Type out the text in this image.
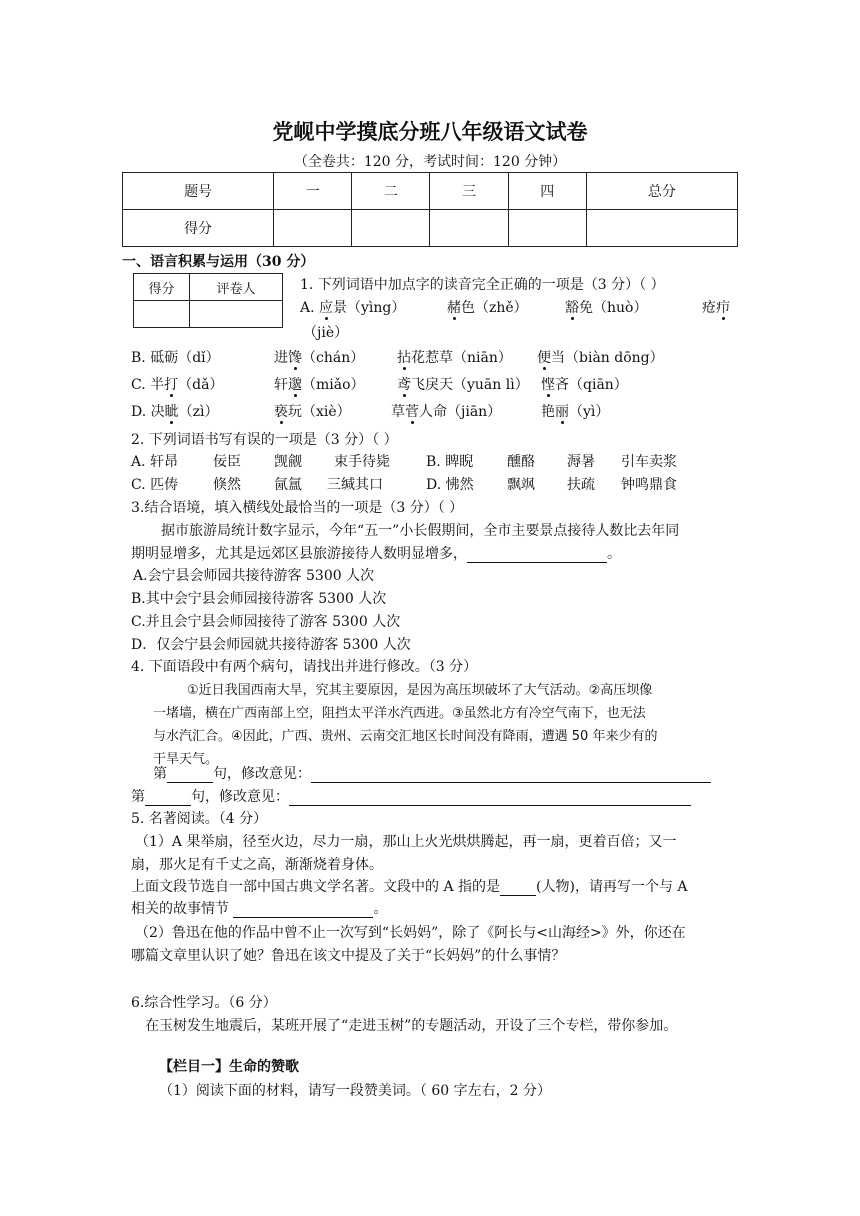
党岘中学摸底分班八年级语文试卷
（全卷共：120 分，考试时间：120 分钟）
题号	一	二	三	四	总分
得分					
一、语言积累与运用（30 分）
得分	评卷人
		1. 下列词语中加点字的读音完全正确的一项是（3 分）（ ）
A. 应景（yìng）	赭色（zhě）	豁免（huò）	疮疖
（jiè）
B. 砥砺（dǐ）	进馋（chán） 拈花惹草（niān） 便当（biàn dōng）
C. 半打（dǎ）	轩邈（miǎo） 鸢飞戾天（yuān lì） 悭吝（qiān）
D. 决眦（zì）	亵玩（xiè）	草菅人命（jiān）	艳丽（yì）
2. 下列词语书写有误的一项是（3 分）（ ）
A. 轩昂 佞臣 觊觎 束手待毙	B. 睥睨 醺酪 溽暑 引车卖浆
C. 匹俦 倏然 氤氲 三缄其口	D. 怫然 飘飒 扶疏 钟鸣鼎食
3.结合语境，填入横线处最恰当的一项是（3 分）（ ）
据市旅游局统计数字显示，今年“五一”小长假期间，全市主要景点接待人数比去年同
期明显增多，尤其是远郊区县旅游接待人数明显增多，	。
A.会宁县会师园共接待游客 5300 人次
B.其中会宁县会师园接待游客 5300 人次
C.并且会宁县会师园接待了游客 5300 人次
D．仅会宁县会师园就共接待游客 5300 人次
4. 下面语段中有两个病句，请找出并进行修改。（3 分）
①近日我国西南大旱，究其主要原因，是因为高压坝破坏了大气活动。②高压坝像
一堵墙，横在广西南部上空，阻挡太平洋水汽西进。③虽然北方有冷空气南下，也无法
与水汽汇合。④因此，广西、贵州、云南交汇地区长时间没有降雨，遭遇 50 年来少有的
干旱天气。
第	句，修改意见：
第	句，修改意见：
5. 名著阅读。（4 分）
（1）A 果举扇，径至火边，尽力一扇，那山上火光烘烘腾起，再一扇，更着百倍；又一
扇，那火足有千丈之高，渐渐烧着身体。
上面文段节选自一部中国古典文学名著。文段中的 A 指的是	(人物)，请再写一个与 A
相关的故事情节	。
（2）鲁迅在他的作品中曾不止一次写到“长妈妈”，除了《阿长与<山海经>》外，你还在
哪篇文章里认识了她？鲁迅在该文中提及了关于“长妈妈”的什么事情？
6.综合性学习。（6 分）
在玉树发生地震后，某班开展了“走进玉树”的专题活动，开设了三个专栏，带你参加。
【栏目一】生命的赞歌
（1）阅读下面的材料，请写一段赞美词。（ 60 字左右，2 分）
